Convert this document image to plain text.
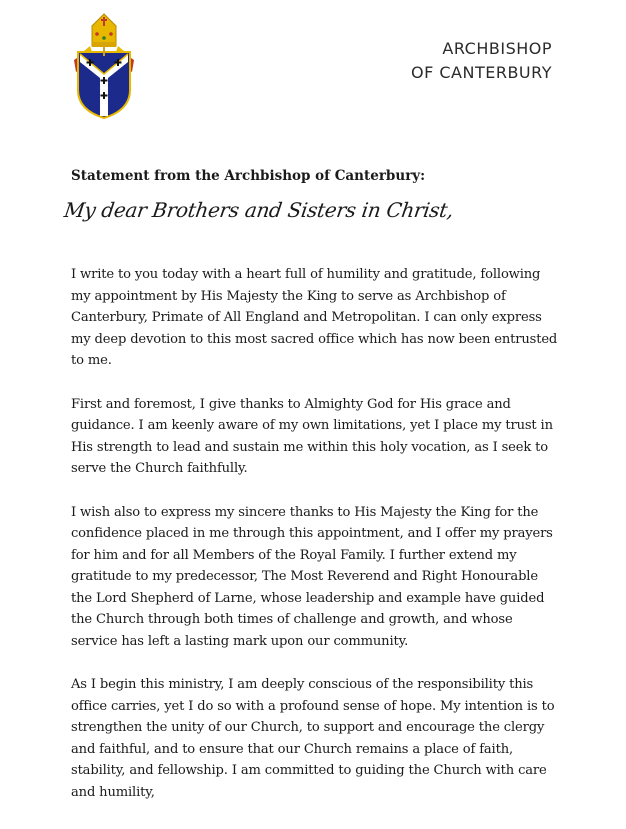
ARCHBISHOP
OF CANTERBURY
Statement from the Archbishop of Canterbury:
My dear Brothers and Sisters in Christ,

I write to you today with a heart full of humility and gratitude, following my appointment by His Majesty the King to serve as Archbishop of Canterbury, Primate of All England and Metropolitan. I can only express my deep devotion to this most sacred office which has now been entrusted to me.

First and foremost, I give thanks to Almighty God for His grace and guidance. I am keenly aware of my own limitations, yet I place my trust in His strength to lead and sustain me within this holy vocation, as I seek to serve the Church faithfully.

I wish also to express my sincere thanks to His Majesty the King for the confidence placed in me through this appointment, and I offer my prayers for him and for all Members of the Royal Family. I further extend my gratitude to my predecessor, The Most Reverend and Right Honourable the Lord Shepherd of Larne, whose leadership and example have guided the Church through both times of challenge and growth, and whose service has left a lasting mark upon our community.

As I begin this ministry, I am deeply conscious of the responsibility this office carries, yet I do so with a profound sense of hope. My intention is to strengthen the unity of our Church, to support and encourage the clergy and faithful, and to ensure that our Church remains a place of faith, stability, and fellowship. I am committed to guiding the Church with care and humility,
